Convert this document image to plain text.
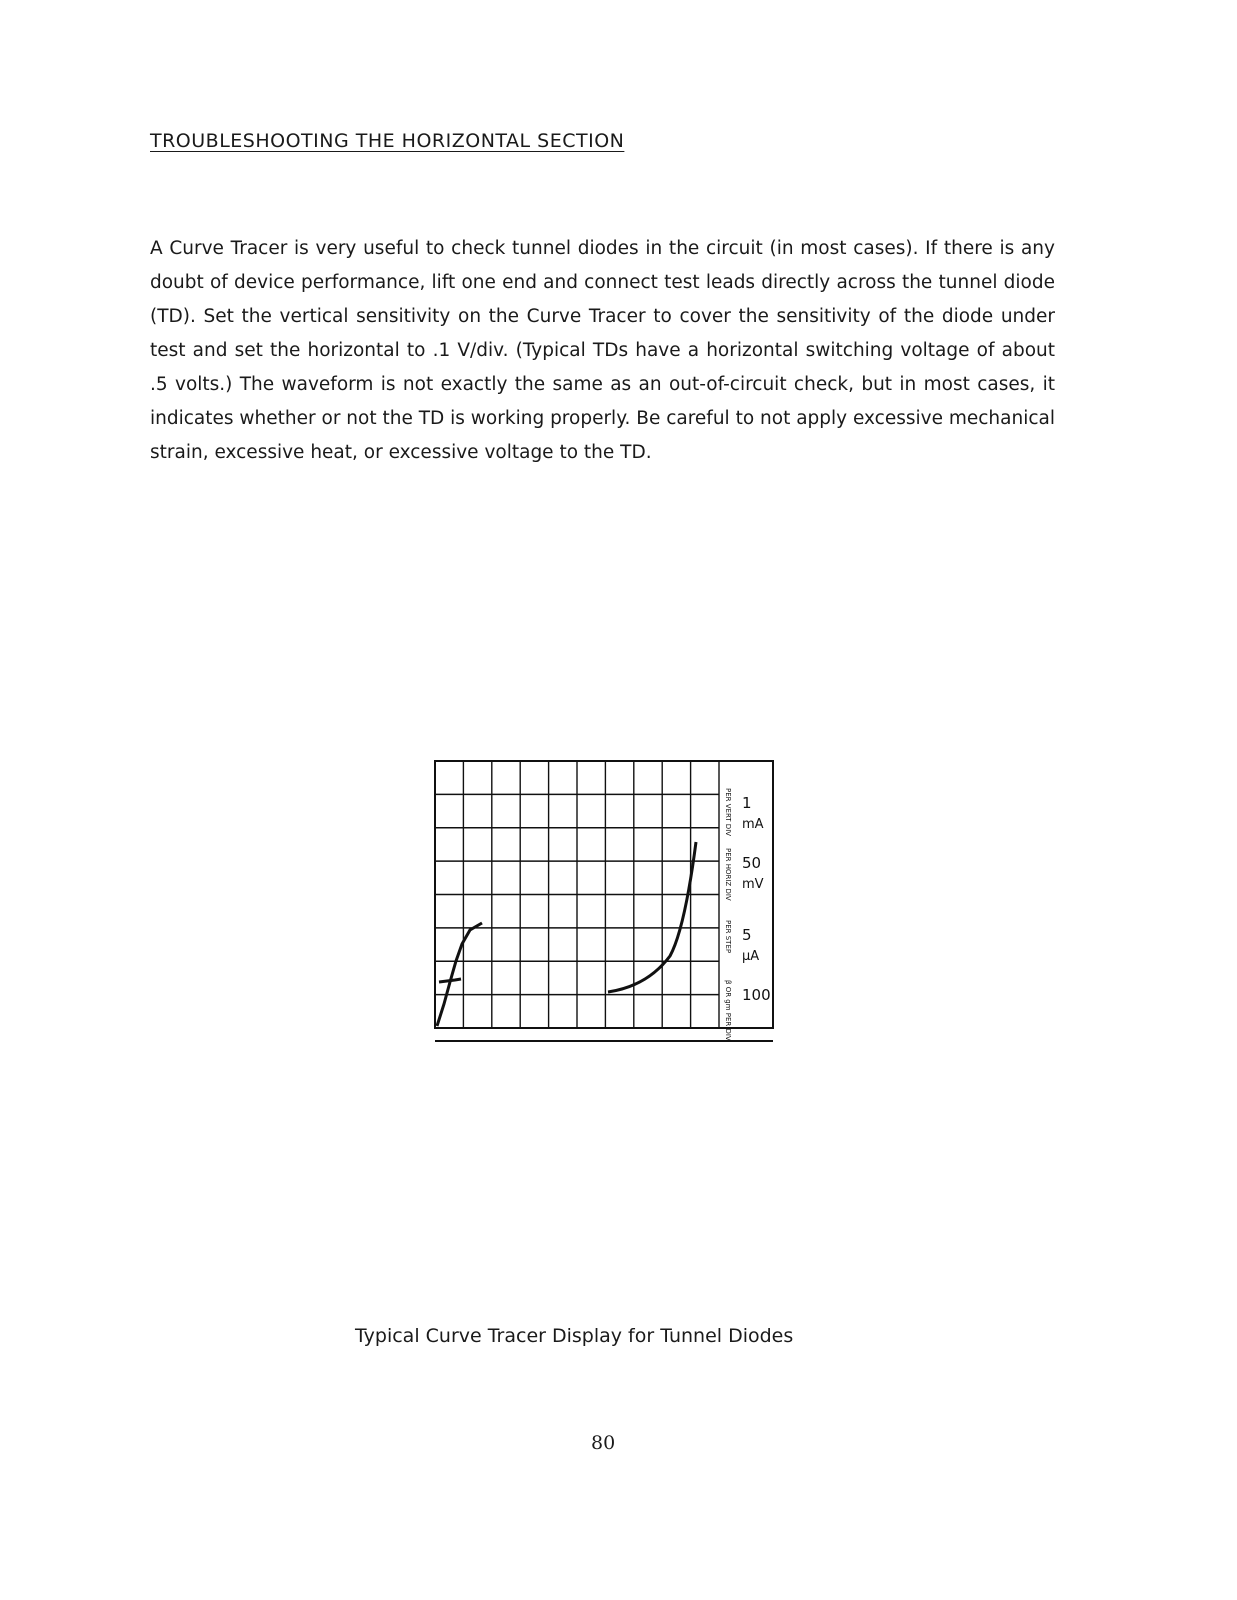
TROUBLESHOOTING THE HORIZONTAL SECTION

A Curve Tracer is very useful to check tunnel diodes in the circuit (in most cases). If there is any doubt of device performance, lift one end and connect test leads directly across the tunnel diode (TD). Set the vertical sensitivity on the Curve Tracer to cover the sensitivity of the diode under test and set the horizontal to .1 V/div. (Typical TDs have a horizontal switching voltage of about .5 volts.) The waveform is not exactly the same as an out-of-circuit check, but in most cases, it indicates whether or not the TD is working properly. Be careful to not apply excessive mechanical strain, excessive heat, or excessive voltage to the TD.

PER VERT DIV 1
mA
PER HORIZ DIV 50
mV
PER STEP 5
µA
β OR gm PER DIV 100
Typical Curve Tracer Display for Tunnel Diodes
80
